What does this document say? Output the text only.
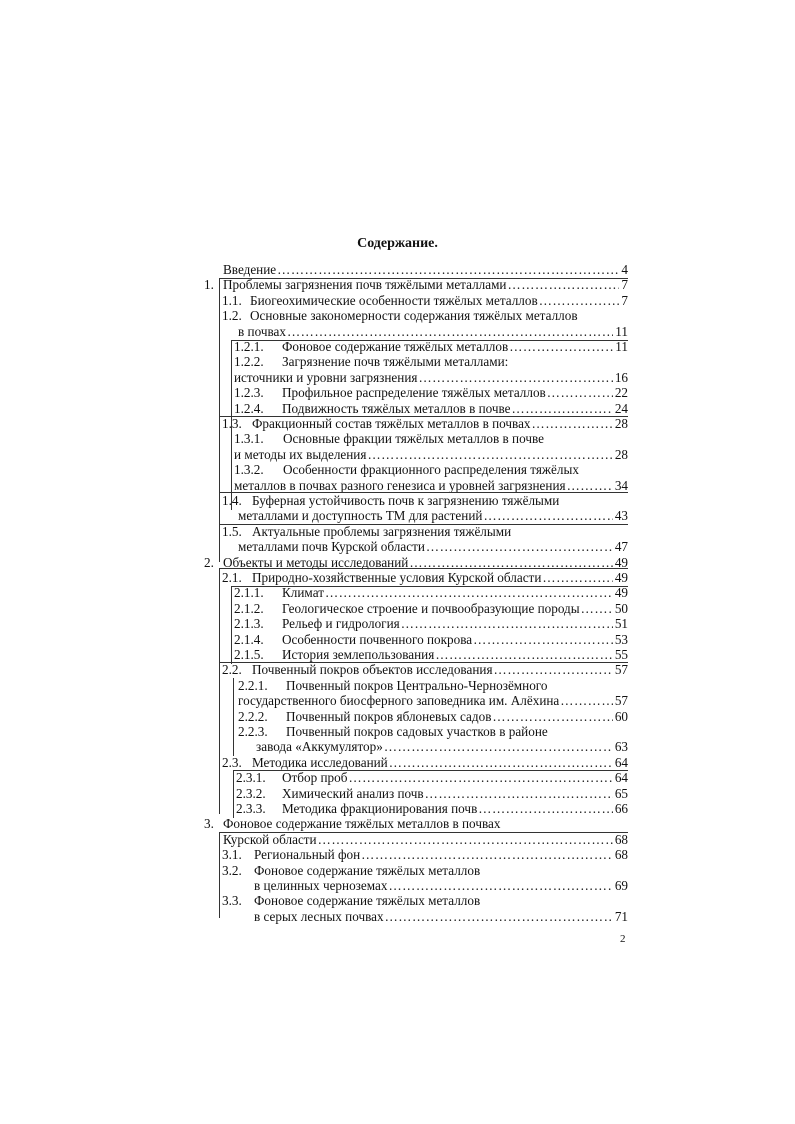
Содержание.
Введение …………………………………………………………………………………………………………………………………………………………………………………………………………………………	4
1. Проблемы загрязнения почв тяжёлыми металлами …………………………………………………………………………………………………………………………………………………………………………………………………………………………	7
1.1. Биогеохимические особенности тяжёлых металлов …………………………………………………………………………………………………………………………………………………………………………………………………………………………	7
1.2. Основные закономерности содержания тяжёлых металлов
в почвах …………………………………………………………………………………………………………………………………………………………………………………………………………………………	11
1.2.1. Фоновое содержание тяжёлых металлов …………………………………………………………………………………………………………………………………………………………………………………………………………………………	11
1.2.2. Загрязнение почв тяжёлыми металлами:
источники и уровни загрязнения …………………………………………………………………………………………………………………………………………………………………………………………………………………………	16
1.2.3. Профильное распределение тяжёлых металлов …………………………………………………………………………………………………………………………………………………………………………………………………………………………	22
1.2.4. Подвижность тяжёлых металлов в почве …………………………………………………………………………………………………………………………………………………………………………………………………………………………	24
1.3. Фракционный состав тяжёлых металлов в почвах …………………………………………………………………………………………………………………………………………………………………………………………………………………………	28
1.3.1. Основные фракции тяжёлых металлов в почве
и методы их выделения …………………………………………………………………………………………………………………………………………………………………………………………………………………………	28
1.3.2. Особенности фракционного распределения тяжёлых
металлов в почвах разного генезиса и уровней загрязнения …………………………………………………………………………………………………………………………………………………………………………………………………………………………	34
1.4. Буферная устойчивость почв к загрязнению тяжёлыми
металлами и доступность ТМ для растений …………………………………………………………………………………………………………………………………………………………………………………………………………………………	43
1.5. Актуальные проблемы загрязнения тяжёлыми
металлами почв Курской области …………………………………………………………………………………………………………………………………………………………………………………………………………………………	47
2. Объекты и методы исследований …………………………………………………………………………………………………………………………………………………………………………………………………………………………	49
2.1. Природно-хозяйственные условия Курской области …………………………………………………………………………………………………………………………………………………………………………………………………………………………	49
2.1.1. Климат …………………………………………………………………………………………………………………………………………………………………………………………………………………………	49
2.1.2. Геологическое строение и почвообразующие породы …………………………………………………………………………………………………………………………………………………………………………………………………………………………	50
2.1.3. Рельеф и гидрология …………………………………………………………………………………………………………………………………………………………………………………………………………………………	51
2.1.4. Особенности почвенного покрова …………………………………………………………………………………………………………………………………………………………………………………………………………………………	53
2.1.5. История землепользования …………………………………………………………………………………………………………………………………………………………………………………………………………………………	55
2.2. Почвенный покров объектов исследования …………………………………………………………………………………………………………………………………………………………………………………………………………………………	57
2.2.1. Почвенный покров Центрально-Чернозёмного
государственного биосферного заповедника им. Алёхина …………………………………………………………………………………………………………………………………………………………………………………………………………………………	57
2.2.2. Почвенный покров яблоневых садов …………………………………………………………………………………………………………………………………………………………………………………………………………………………	60
2.2.3. Почвенный покров садовых участков в районе
завода «Аккумулятор» …………………………………………………………………………………………………………………………………………………………………………………………………………………………	63
2.3. Методика исследований …………………………………………………………………………………………………………………………………………………………………………………………………………………………	64
2.3.1. Отбор проб …………………………………………………………………………………………………………………………………………………………………………………………………………………………	64
2.3.2. Химический анализ почв …………………………………………………………………………………………………………………………………………………………………………………………………………………………	65
2.3.3. Методика фракционирования почв …………………………………………………………………………………………………………………………………………………………………………………………………………………………	66
3. Фоновое содержание тяжёлых металлов в почвах
Курской области …………………………………………………………………………………………………………………………………………………………………………………………………………………………	68
3.1. Региональный фон …………………………………………………………………………………………………………………………………………………………………………………………………………………………	68
3.2. Фоновое содержание тяжёлых металлов
в целинных черноземах …………………………………………………………………………………………………………………………………………………………………………………………………………………………	69
3.3. Фоновое содержание тяжёлых металлов
в серых лесных почвах …………………………………………………………………………………………………………………………………………………………………………………………………………………………	71
2
